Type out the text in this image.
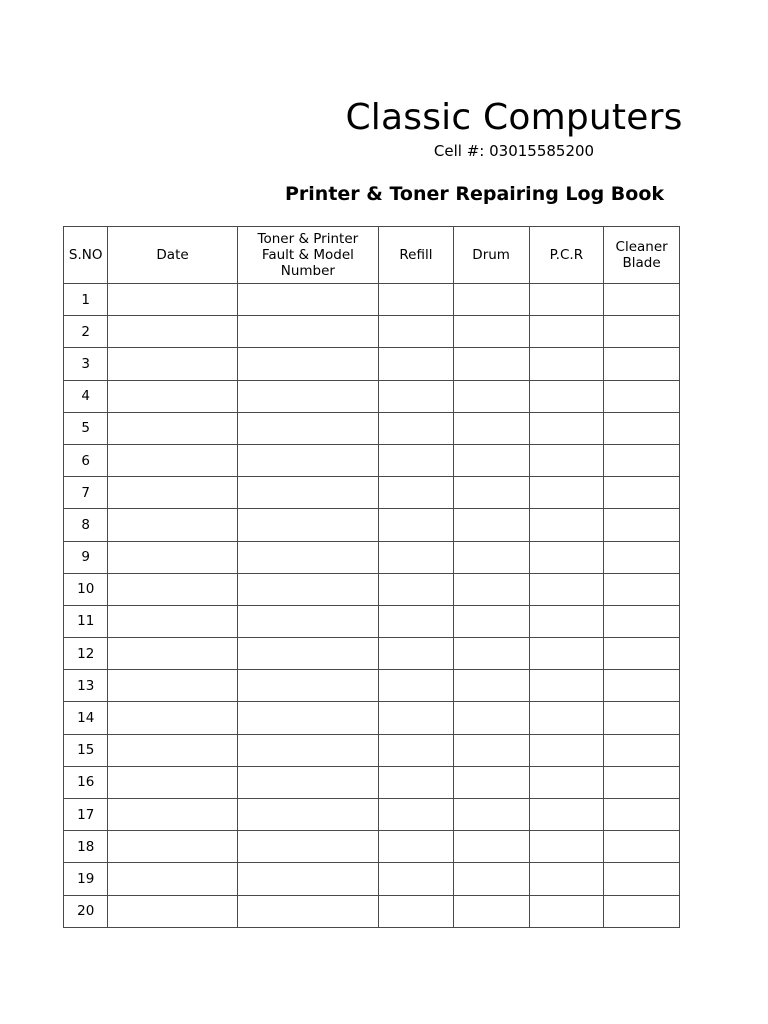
Classic Computers
Cell #: 03015585200
Printer & Toner Repairing Log Book
S.NO	Date	Toner & Printer Fault & Model Number	Refill	Drum	P.C.R	Cleaner Blade
1						
2						
3						
4						
5						
6						
7						
8						
9						
10						
11						
12						
13						
14						
15						
16						
17						
18						
19						
20						
